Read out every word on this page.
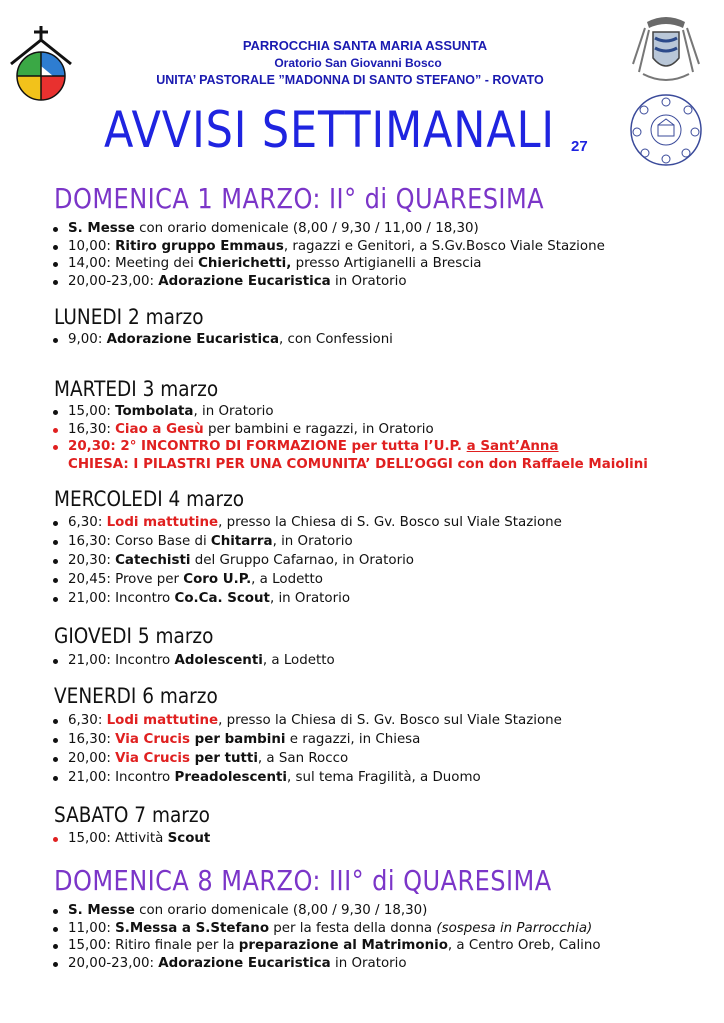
PARROCCHIA SANTA MARIA ASSUNTA
Oratorio San Giovanni Bosco
UNITA’ PASTORALE ”MADONNA DI SANTO STEFANO” - ROVATO
AVVISI SETTIMANALI 27
DOMENICA 1 MARZO: II° di QUARESIMA
S. Messe con orario domenicale (8,00 / 9,30 / 11,00 / 18,30)
10,00: Ritiro gruppo Emmaus, ragazzi e Genitori, a S.Gv.Bosco Viale Stazione
14,00: Meeting dei Chierichetti, presso Artigianelli a Brescia
20,00-23,00: Adorazione Eucaristica in Oratorio
LUNEDI 2 marzo
9,00: Adorazione Eucaristica, con Confessioni
MARTEDI 3 marzo
15,00: Tombolata, in Oratorio
16,30: Ciao a Gesù per bambini e ragazzi, in Oratorio
20,30: 2° INCONTRO DI FORMAZIONE per tutta l’U.P. a Sant’Anna
CHIESA: I PILASTRI PER UNA COMUNITA’ DELL’OGGI con don Raffaele Maiolini
MERCOLEDI 4 marzo
6,30: Lodi mattutine, presso la Chiesa di S. Gv. Bosco sul Viale Stazione
16,30: Corso Base di Chitarra, in Oratorio
20,30: Catechisti del Gruppo Cafarnao, in Oratorio
20,45: Prove per Coro U.P., a Lodetto
21,00: Incontro Co.Ca. Scout, in Oratorio
GIOVEDI 5 marzo
21,00: Incontro Adolescenti, a Lodetto
VENERDI 6 marzo
6,30: Lodi mattutine, presso la Chiesa di S. Gv. Bosco sul Viale Stazione
16,30: Via Crucis per bambini e ragazzi, in Chiesa
20,00: Via Crucis per tutti, a San Rocco
21,00: Incontro Preadolescenti, sul tema Fragilità, a Duomo
SABATO 7 marzo
15,00: Attività Scout
DOMENICA 8 MARZO: III° di QUARESIMA
S. Messe con orario domenicale (8,00 / 9,30 / 18,30)
11,00: S.Messa a S.Stefano per la festa della donna (sospesa in Parrocchia)
15,00: Ritiro finale per la preparazione al Matrimonio, a Centro Oreb, Calino
20,00-23,00: Adorazione Eucaristica in Oratorio
